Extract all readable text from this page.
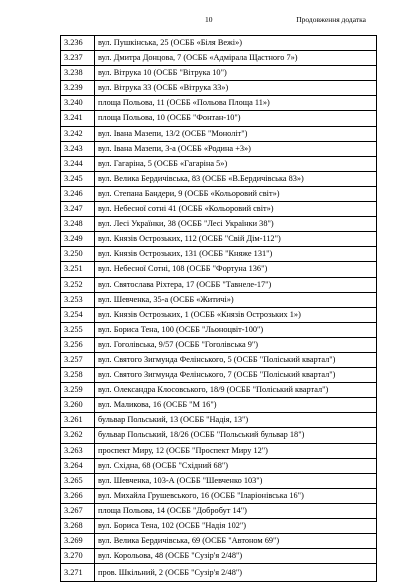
10	Продовження додатка
3.236	вул. Пушкінська, 25 (ОСББ «Біля Вежі»)
3.237	вул. Дмитра Донцова, 7 (ОСББ «Адмірала Щастного 7»)
3.238	вул. Вітрука 10 (ОСББ "Вітрука 10")
3.239	вул. Вітрука 33 (ОСББ «Вітрука 33»)
3.240	площа Польова, 11 (ОСББ «Польова Площа 11»)
3.241	площа Польова, 10 (ОСББ "Фонтан-10")
3.242	вул. Івана Мазепи, 13/2 (ОСББ "Моноліт")
3.243	вул. Івана Мазепи, 3-а (ОСББ «Родина +3»)
3.244	вул. Гагаріна, 5 (ОСББ «Гагаріна 5»)
3.245	вул. Велика Бердичівська, 83 (ОСББ «В.Бердичівська 83»)
3.246	вул. Степана Бандери, 9 (ОСББ «Кольоровий світ»)
3.247	вул. Небесної сотні 41 (ОСББ «Кольоровий світ»)
3.248	вул. Лесі Українки, 38 (ОСББ "Лесі Українки 38")
3.249	вул. Князів Острозьких, 112 (ОСББ "Свій Дім-112")
3.250	вул. Князів Острозьких, 131 (ОСББ "Княже 131")
3.251	вул. Небесної Сотні, 108 (ОСББ "Фортуна 136")
3.252	вул. Святослава Ріхтера, 17 (ОСББ "Тавнеле-17")
3.253	вул. Шевченка, 35-а (ОСББ «Житичі»)
3.254	вул. Князів Острозьких, 1 (ОСББ «Князів Острозьких 1»)
3.255	вул. Бориса Тена, 100 (ОСББ "Льоноцвіт-100")
3.256	вул. Гоголівська, 9/57 (ОСББ "Гоголівська 9")
3.257	вул. Святого Зигмунда Фелінського, 5 (ОСББ "Поліський квартал")
3.258	вул. Святого Зигмунда Фелінського, 7 (ОСББ "Поліський квартал")
3.259	вул. Олександра Клосовського, 18/9 (ОСББ "Поліський квартал")
3.260	вул. Маликова, 16 (ОСББ "М 16")
3.261	бульвар Польський, 13 (ОСББ "Надія, 13")
3.262	бульвар Польський, 18/26 (ОСББ "Польський бульвар 18")
3.263	проспект Миру, 12 (ОСББ "Проспект Миру 12")
3.264	вул. Східна, 68 (ОСББ "Східний 68")
3.265	вул. Шевченка, 103-А (ОСББ "Шевченко 103")
3.266	вул. Михайла Грушевського, 16 (ОСББ "Іларіонівська 16")
3.267	площа Польова, 14 (ОСББ "Добробут 14")
3.268	вул. Бориса Тена, 102 (ОСББ "Надія 102")
3.269	вул. Велика Бердичівська, 69 (ОСББ "Автоном 69")
3.270	вул. Корольова, 48 (ОСББ "Сузір'я 2/48")
3.271	пров. Шкільний, 2 (ОСББ "Сузір'я 2/48")
